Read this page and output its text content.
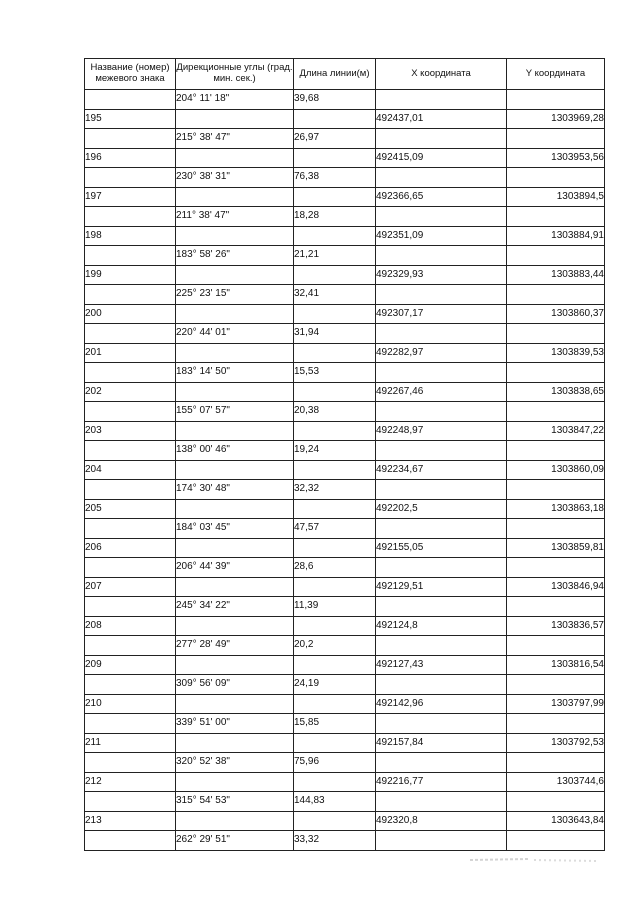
Название (номер) межевого знака	Дирекционные углы (град. мин. сек.)	Длина линии(м)	X координата	Y координата
	204° 11' 18"	39,68		
195			492437,01	1303969,28
	215° 38' 47"	26,97		
196			492415,09	1303953,56
	230° 38' 31"	76,38		
197			492366,65	1303894,5
	211° 38' 47"	18,28		
198			492351,09	1303884,91
	183° 58' 26"	21,21		
199			492329,93	1303883,44
	225° 23' 15"	32,41		
200			492307,17	1303860,37
	220° 44' 01"	31,94		
201			492282,97	1303839,53
	183° 14' 50"	15,53		
202			492267,46	1303838,65
	155° 07' 57"	20,38		
203			492248,97	1303847,22
	138° 00' 46"	19,24		
204			492234,67	1303860,09
	174° 30' 48"	32,32		
205			492202,5	1303863,18
	184° 03' 45"	47,57		
206			492155,05	1303859,81
	206° 44' 39"	28,6		
207			492129,51	1303846,94
	245° 34' 22"	11,39		
208			492124,8	1303836,57
	277° 28' 49"	20,2		
209			492127,43	1303816,54
	309° 56' 09"	24,19		
210			492142,96	1303797,99
	339° 51' 00"	15,85		
211			492157,84	1303792,53
	320° 52' 38"	75,96		
212			492216,77	1303744,6
	315° 54' 53"	144,83		
213			492320,8	1303643,84
	262° 29' 51"	33,32		
